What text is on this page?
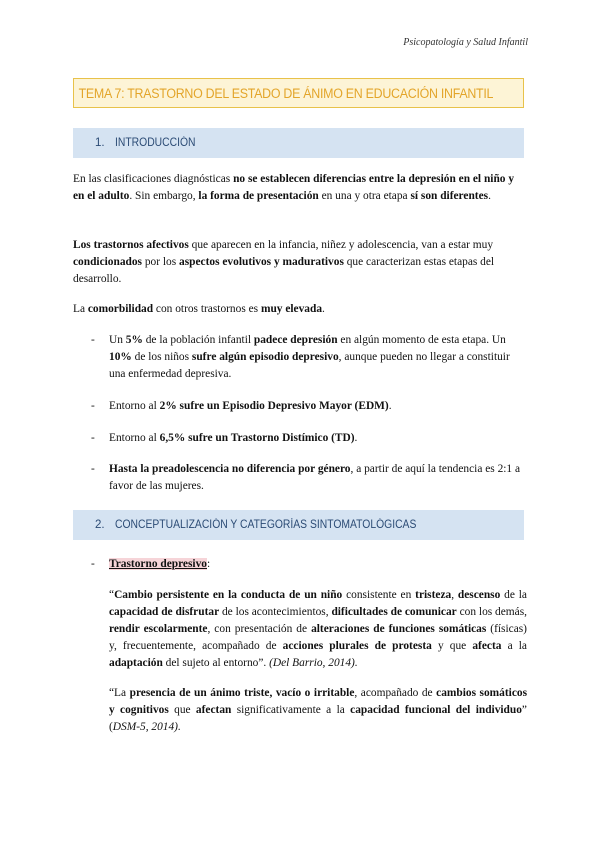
Psicopatología y Salud Infantil
TEMA 7: TRASTORNO DEL ESTADO DE ÁNIMO EN EDUCACIÓN INFANTIL
1. INTRODUCCIÓN

En las clasificaciones diagnósticas no se establecen diferencias entre la depresión en el niño y en el adulto. Sin embargo, la forma de presentación en una y otra etapa sí son diferentes.

Los trastornos afectivos que aparecen en la infancia, niñez y adolescencia, van a estar muy condicionados por los aspectos evolutivos y madurativos que caracterizan estas etapas del desarrollo.

La comorbilidad con otros trastornos es muy elevada.

- Un 5% de la población infantil padece depresión en algún momento de esta etapa. Un 10% de los niños sufre algún episodio depresivo, aunque pueden no llegar a constituir una enfermedad depresiva.
- Entorno al 2% sufre un Episodio Depresivo Mayor (EDM).
- Entorno al 6,5% sufre un Trastorno Distímico (TD).
- Hasta la preadolescencia no diferencia por género, a partir de aquí la tendencia es 2:1 a favor de las mujeres.
2. CONCEPTUALIZACIÓN Y CATEGORÍAS SINTOMATOLÓGICAS
- Trastorno depresivo:

“Cambio persistente en la conducta de un niño consistente en tristeza, descenso de la capacidad de disfrutar de los acontecimientos, dificultades de comunicar con los demás, rendir escolarmente, con presentación de alteraciones de funciones somáticas (físicas) y, frecuentemente, acompañado de acciones plurales de protesta y que afecta a la adaptación del sujeto al entorno”. (Del Barrio, 2014).

“La presencia de un ánimo triste, vacío o irritable, acompañado de cambios somáticos y cognitivos que afectan significativamente a la capacidad funcional del individuo” (DSM-5, 2014).
